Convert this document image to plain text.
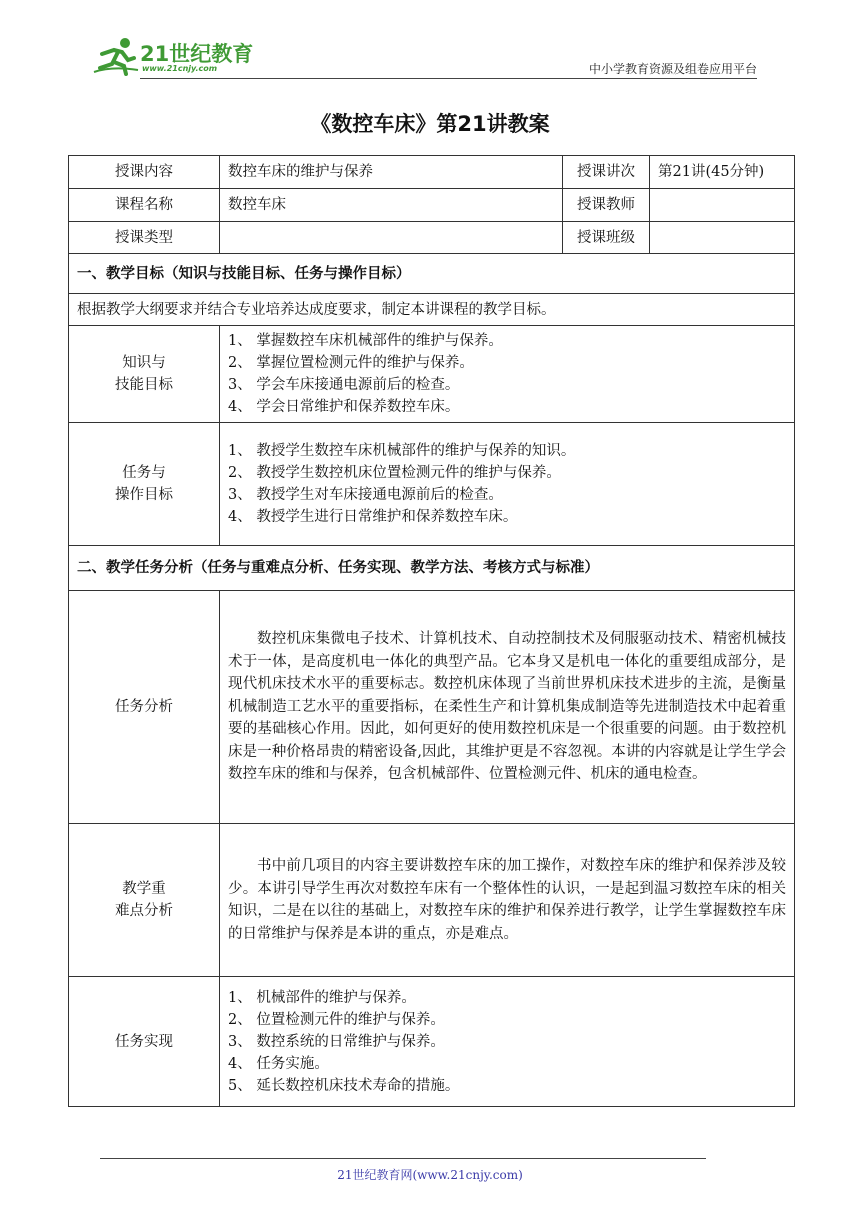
21世纪教育
www.21cnjy.com	中小学教育资源及组卷应用平台
《数控车床》第21讲教案
授课内容	数控车床的维护与保养	授课讲次	第21讲(45分钟)
课程名称	数控车床	授课教师	
授课类型		授课班级	
一、教学目标（知识与技能目标、任务与操作目标）			
根据教学大纲要求并结合专业培养达成度要求，制定本讲课程的教学目标。			

知识与
技能目标	1、 掌握数控车床机械部件的维护与保养。
2、 掌握位置检测元件的维护与保养。
3、 学会车床接通电源前后的检查。
4、 学会日常维护和保养数控车床。		

任务与
操作目标	1、 教授学生数控车床机械部件的维护与保养的知识。
2、 教授学生数控机床位置检测元件的维护与保养。
3、 教授学生对车床接通电源前后的检查。
4、 教授学生进行日常维护和保养数控车床。		

二、教学任务分析（任务与重难点分析、任务实现、教学方法、考核方式与标准）			
任务分析	数控机床集微电子技术、计算机技术、自动控制技术及伺服驱动技术、精密机械技术于一体，是高度机电一体化的典型产品。它本身又是机电一体化的重要组成部分，是现代机床技术水平的重要标志。数控机床体现了当前世界机床技术进步的主流，是衡量机械制造工艺水平的重要指标，在柔性生产和计算机集成制造等先进制造技术中起着重要的基础核心作用。因此，如何更好的使用数控机床是一个很重要的问题。由于数控机床是一种价格昂贵的精密设备,因此，其维护更是不容忽视。本讲的内容就是让学生学会数控车床的维和与保养，包含机械部件、位置检测元件、机床的通电检查。		

教学重
难点分析	书中前几项目的内容主要讲数控车床的加工操作，对数控车床的维护和保养涉及较少。本讲引导学生再次对数控车床有一个整体性的认识，一是起到温习数控车床的相关知识，二是在以往的基础上，对数控车床的维护和保养进行教学，让学生掌握数控车床的日常维护与保养是本讲的重点，亦是难点。		

任务实现	1、 机械部件的维护与保养。
2、 位置检测元件的维护与保养。
3、 数控系统的日常维护与保养。
4、 任务实施。
5、 延长数控机床技术寿命的措施。		
21世纪教育网(www.21cnjy.com)
